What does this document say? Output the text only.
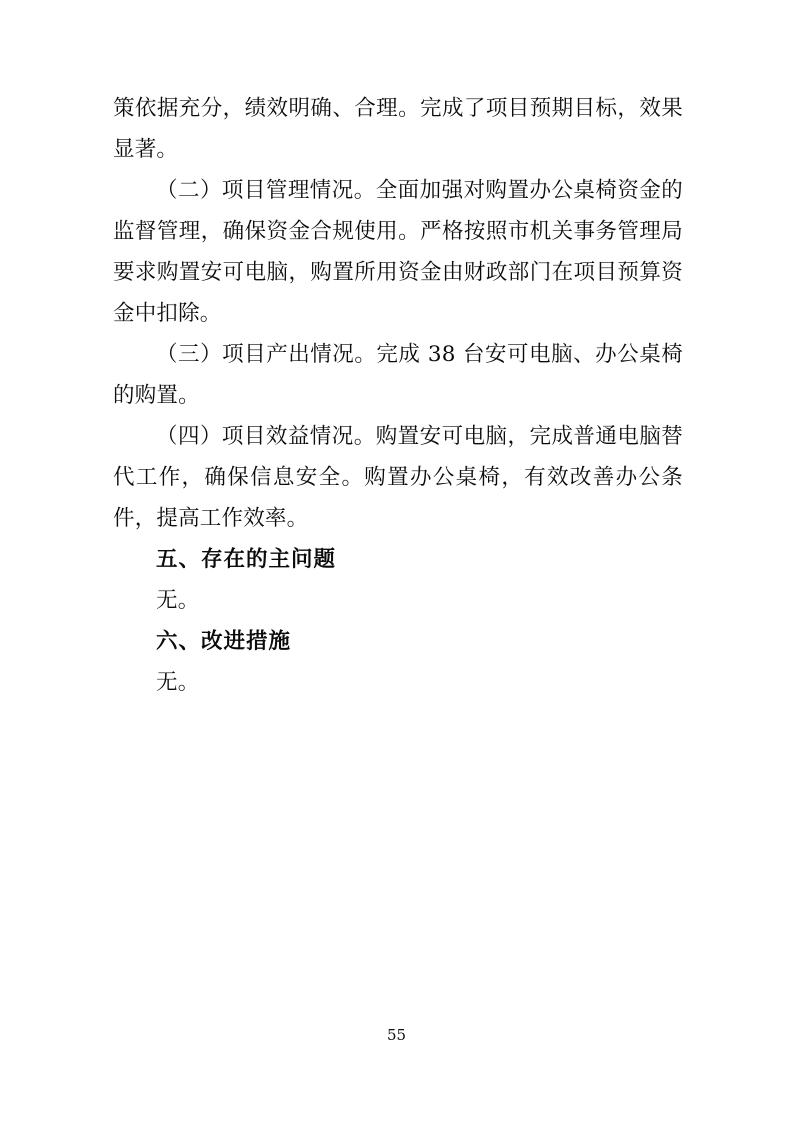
策依据充分，绩效明确、合理。完成了项目预期目标，效果显著。

（二）项目管理情况。全面加强对购置办公桌椅资金的监督管理，确保资金合规使用。严格按照市机关事务管理局要求购置安可电脑，购置所用资金由财政部门在项目预算资金中扣除。

（三）项目产出情况。完成 38 台安可电脑、办公桌椅的购置。

（四）项目效益情况。购置安可电脑，完成普通电脑替代工作，确保信息安全。购置办公桌椅，有效改善办公条件，提高工作效率。

五、存在的主问题

无。

六、改进措施

无。

55
